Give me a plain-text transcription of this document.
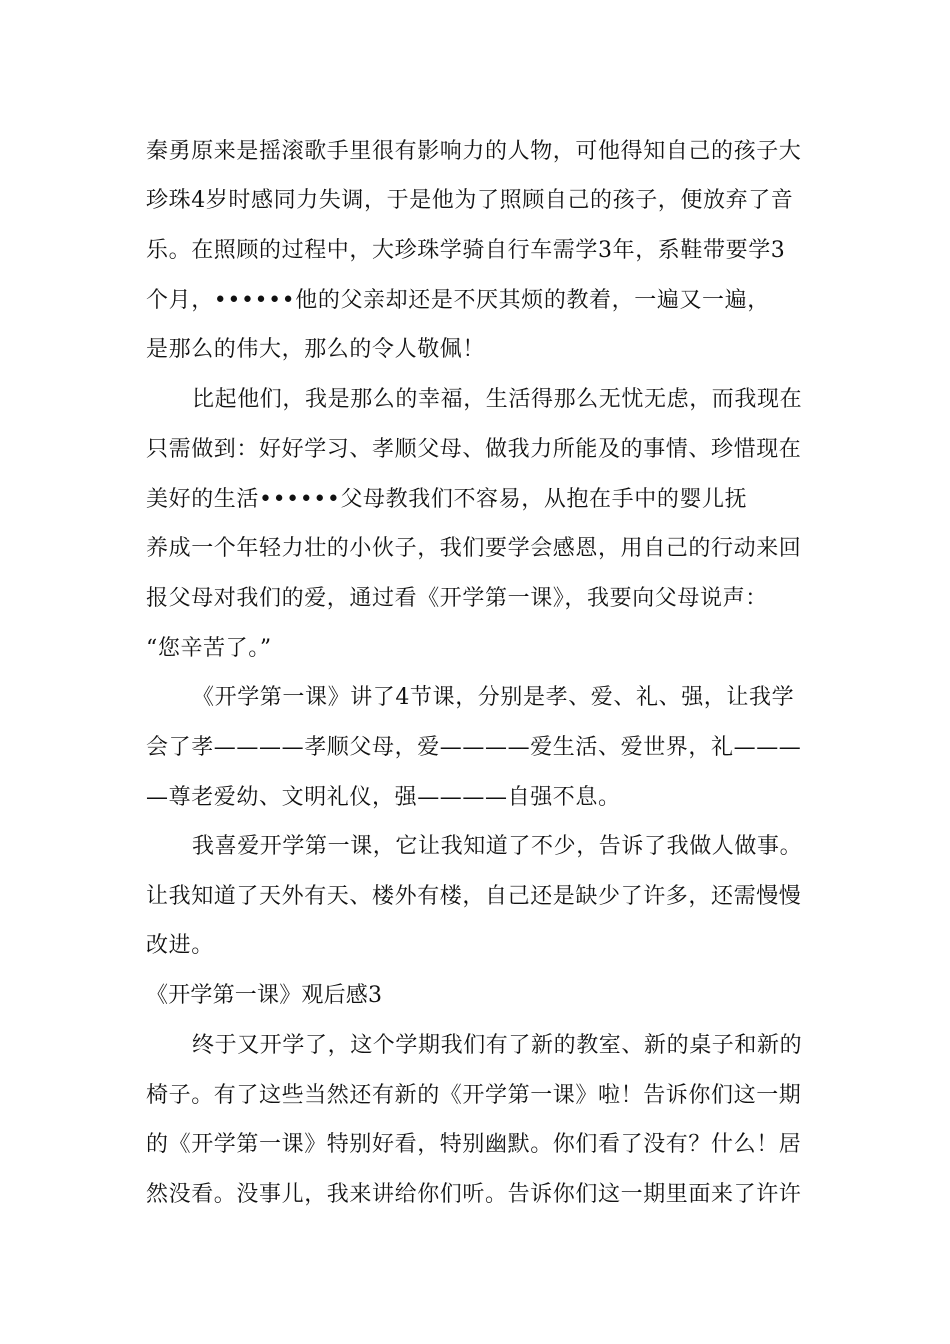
秦勇原来是摇滚歌手里很有影响力的人物，可他得知自己的孩子大
珍珠4岁时感同力失调，于是他为了照顾自己的孩子，便放弃了音
乐。在照顾的过程中，大珍珠学骑自行车需学3年，系鞋带要学3
个月，••••••他的父亲却还是不厌其烦的教着，一遍又一遍，
是那么的伟大，那么的令人敬佩！
比起他们，我是那么的幸福，生活得那么无忧无虑，而我现在
只需做到：好好学习、孝顺父母、做我力所能及的事情、珍惜现在
美好的生活••••••父母教我们不容易，从抱在手中的婴儿抚
养成一个年轻力壮的小伙子，我们要学会感恩，用自己的行动来回
报父母对我们的爱，通过看《开学第一课》，我要向父母说声：
“您辛苦了。”
《开学第一课》讲了4节课，分别是孝、爱、礼、强，让我学
会了孝————孝顺父母，爱————爱生活、爱世界，礼———
—尊老爱幼、文明礼仪，强————自强不息。
我喜爱开学第一课，它让我知道了不少，告诉了我做人做事。
让我知道了天外有天、楼外有楼，自己还是缺少了许多，还需慢慢
改进。
《开学第一课》观后感3
终于又开学了，这个学期我们有了新的教室、新的桌子和新的
椅子。有了这些当然还有新的《开学第一课》啦！告诉你们这一期
的《开学第一课》特别好看，特别幽默。你们看了没有？什么！居
然没看。没事儿，我来讲给你们听。告诉你们这一期里面来了许许
